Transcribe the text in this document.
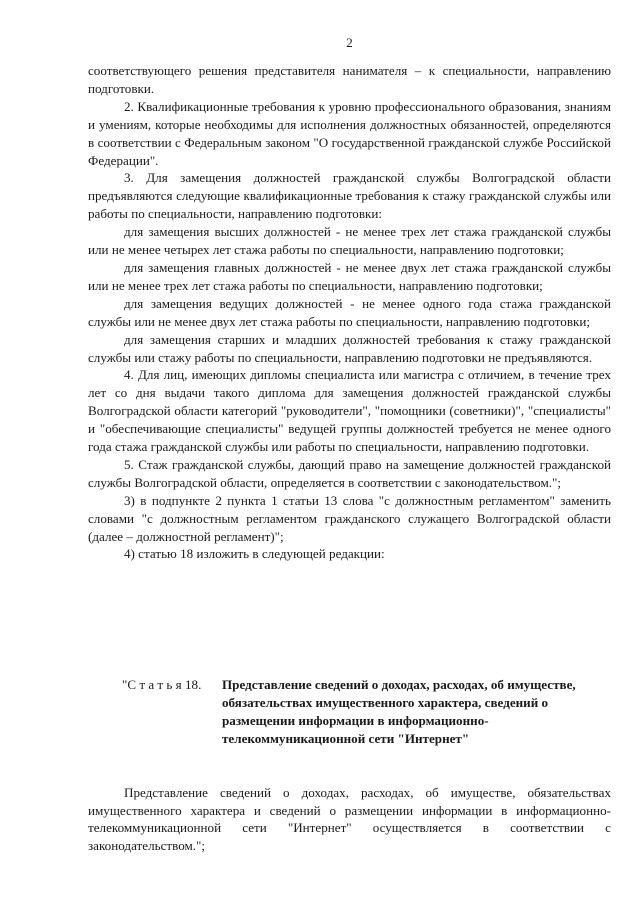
2

соответствующего решения представителя нанимателя – к специальности, направлению подготовки.

2. Квалификационные требования к уровню профессионального образования, знаниям и умениям, которые необходимы для исполнения должностных обязанностей, определяются в соответствии с Федеральным законом "О государственной гражданской службе Российской Федерации".

3. Для замещения должностей гражданской службы Волгоградской области предъявляются следующие квалификационные требования к стажу гражданской службы или работы по специальности, направлению подготовки:

для замещения высших должностей - не менее трех лет стажа гражданской службы или не менее четырех лет стажа работы по специальности, направлению подготовки;

для замещения главных должностей - не менее двух лет стажа гражданской службы или не менее трех лет стажа работы по специальности, направлению подготовки;

для замещения ведущих должностей - не менее одного года стажа гражданской службы или не менее двух лет стажа работы по специальности, направлению подготовки;

для замещения старших и младших должностей требования к стажу гражданской службы или стажу работы по специальности, направлению подготовки не предъявляются.

4. Для лиц, имеющих дипломы специалиста или магистра с отличием, в течение трех лет со дня выдачи такого диплома для замещения должностей гражданской службы Волгоградской области категорий "руководители", "помощники (советники)", "специалисты" и "обеспечивающие специалисты" ведущей группы должностей требуется не менее одного года стажа гражданской службы или работы по специальности, направлению подготовки.

5. Стаж гражданской службы, дающий право на замещение должностей гражданской службы Волгоградской области, определяется в соответствии с законодательством.";

3) в подпункте 2 пункта 1 статьи 13 слова "с должностным регламентом" заменить словами "с должностным регламентом гражданского служащего Волгоградской области (далее – должностной регламент)";

4) статью 18 изложить в следующей редакции:

"С т а т ь я 18.	Представление сведений о доходах, расходах, об имуществе, обязательствах имущественного характера, сведений о размещении информации в информационно-телекоммуникационной сети "Интернет"

Представление сведений о доходах, расходах, об имуществе, обязательствах имущественного характера и сведений о размещении информации в информационно-телекоммуникационной сети "Интернет" осуществляется в соответствии с законодательством.";
